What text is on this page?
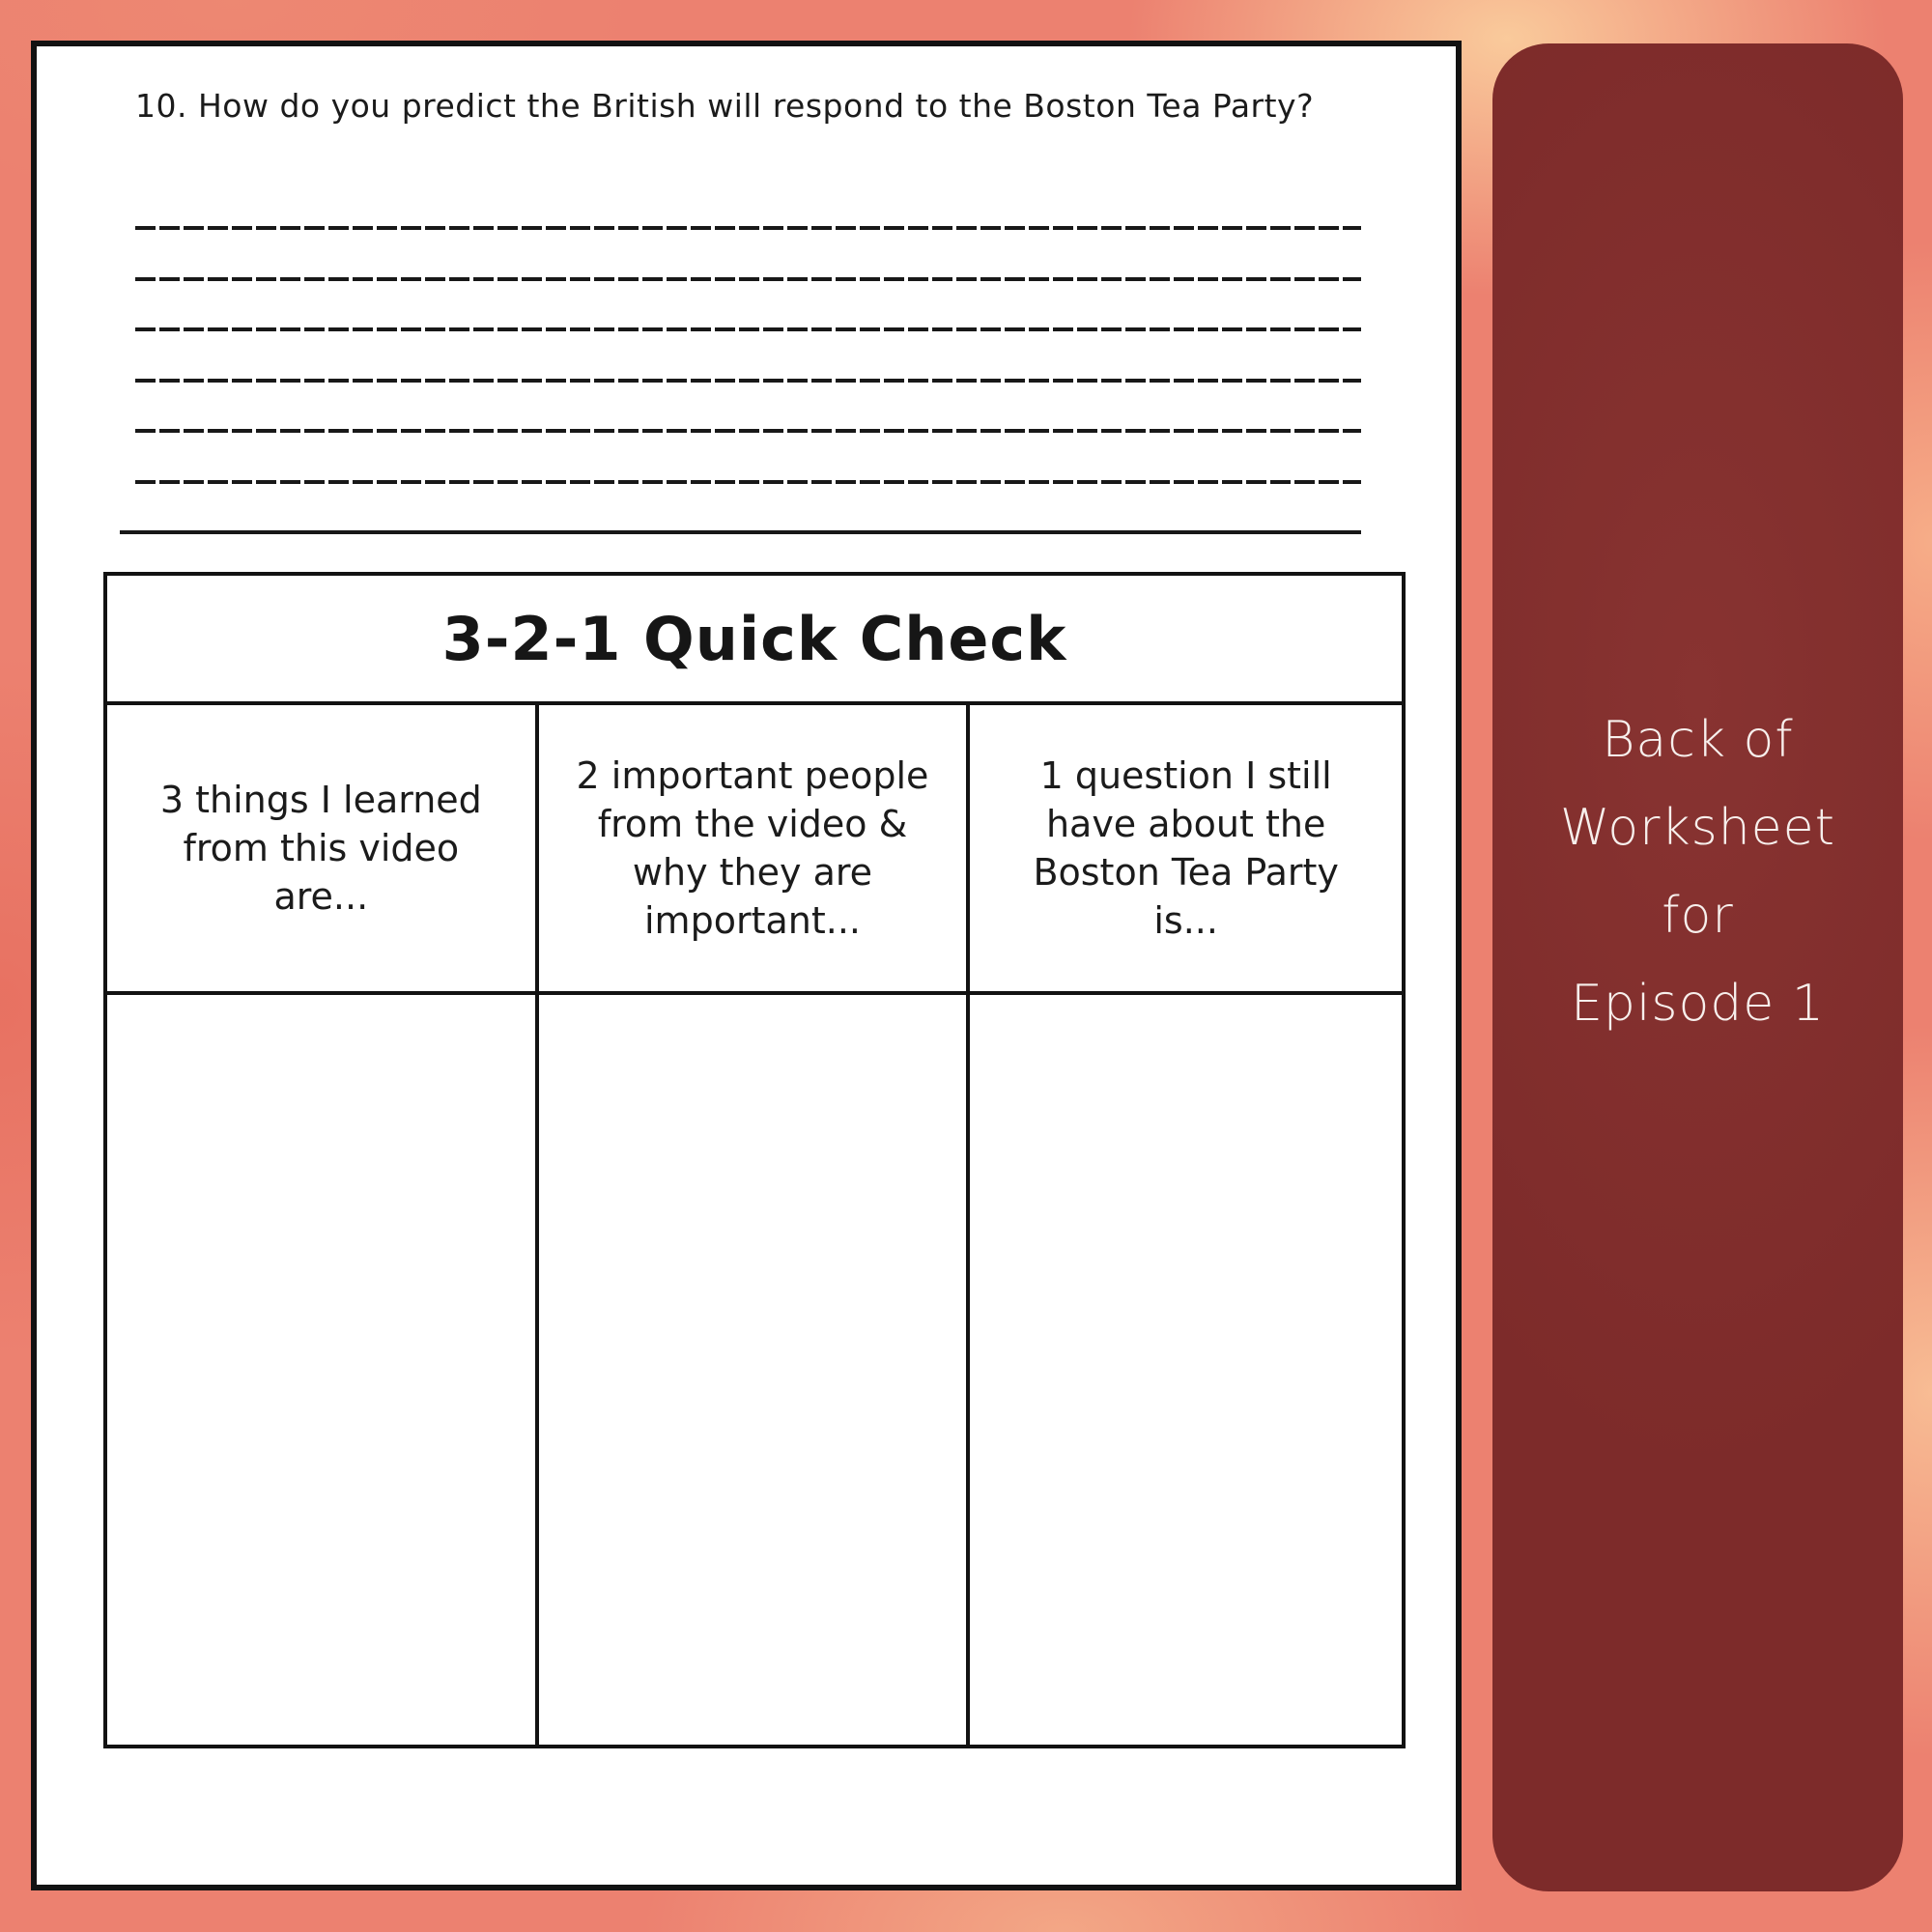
10. How do you predict the British will respond to the Boston Tea Party?
3-2-1 Quick Check
3 things I learned from this video are...
2 important people from the video & why they are important...
1 question I still have about the Boston Tea Party is...
Back of
Worksheet
for
Episode 1
